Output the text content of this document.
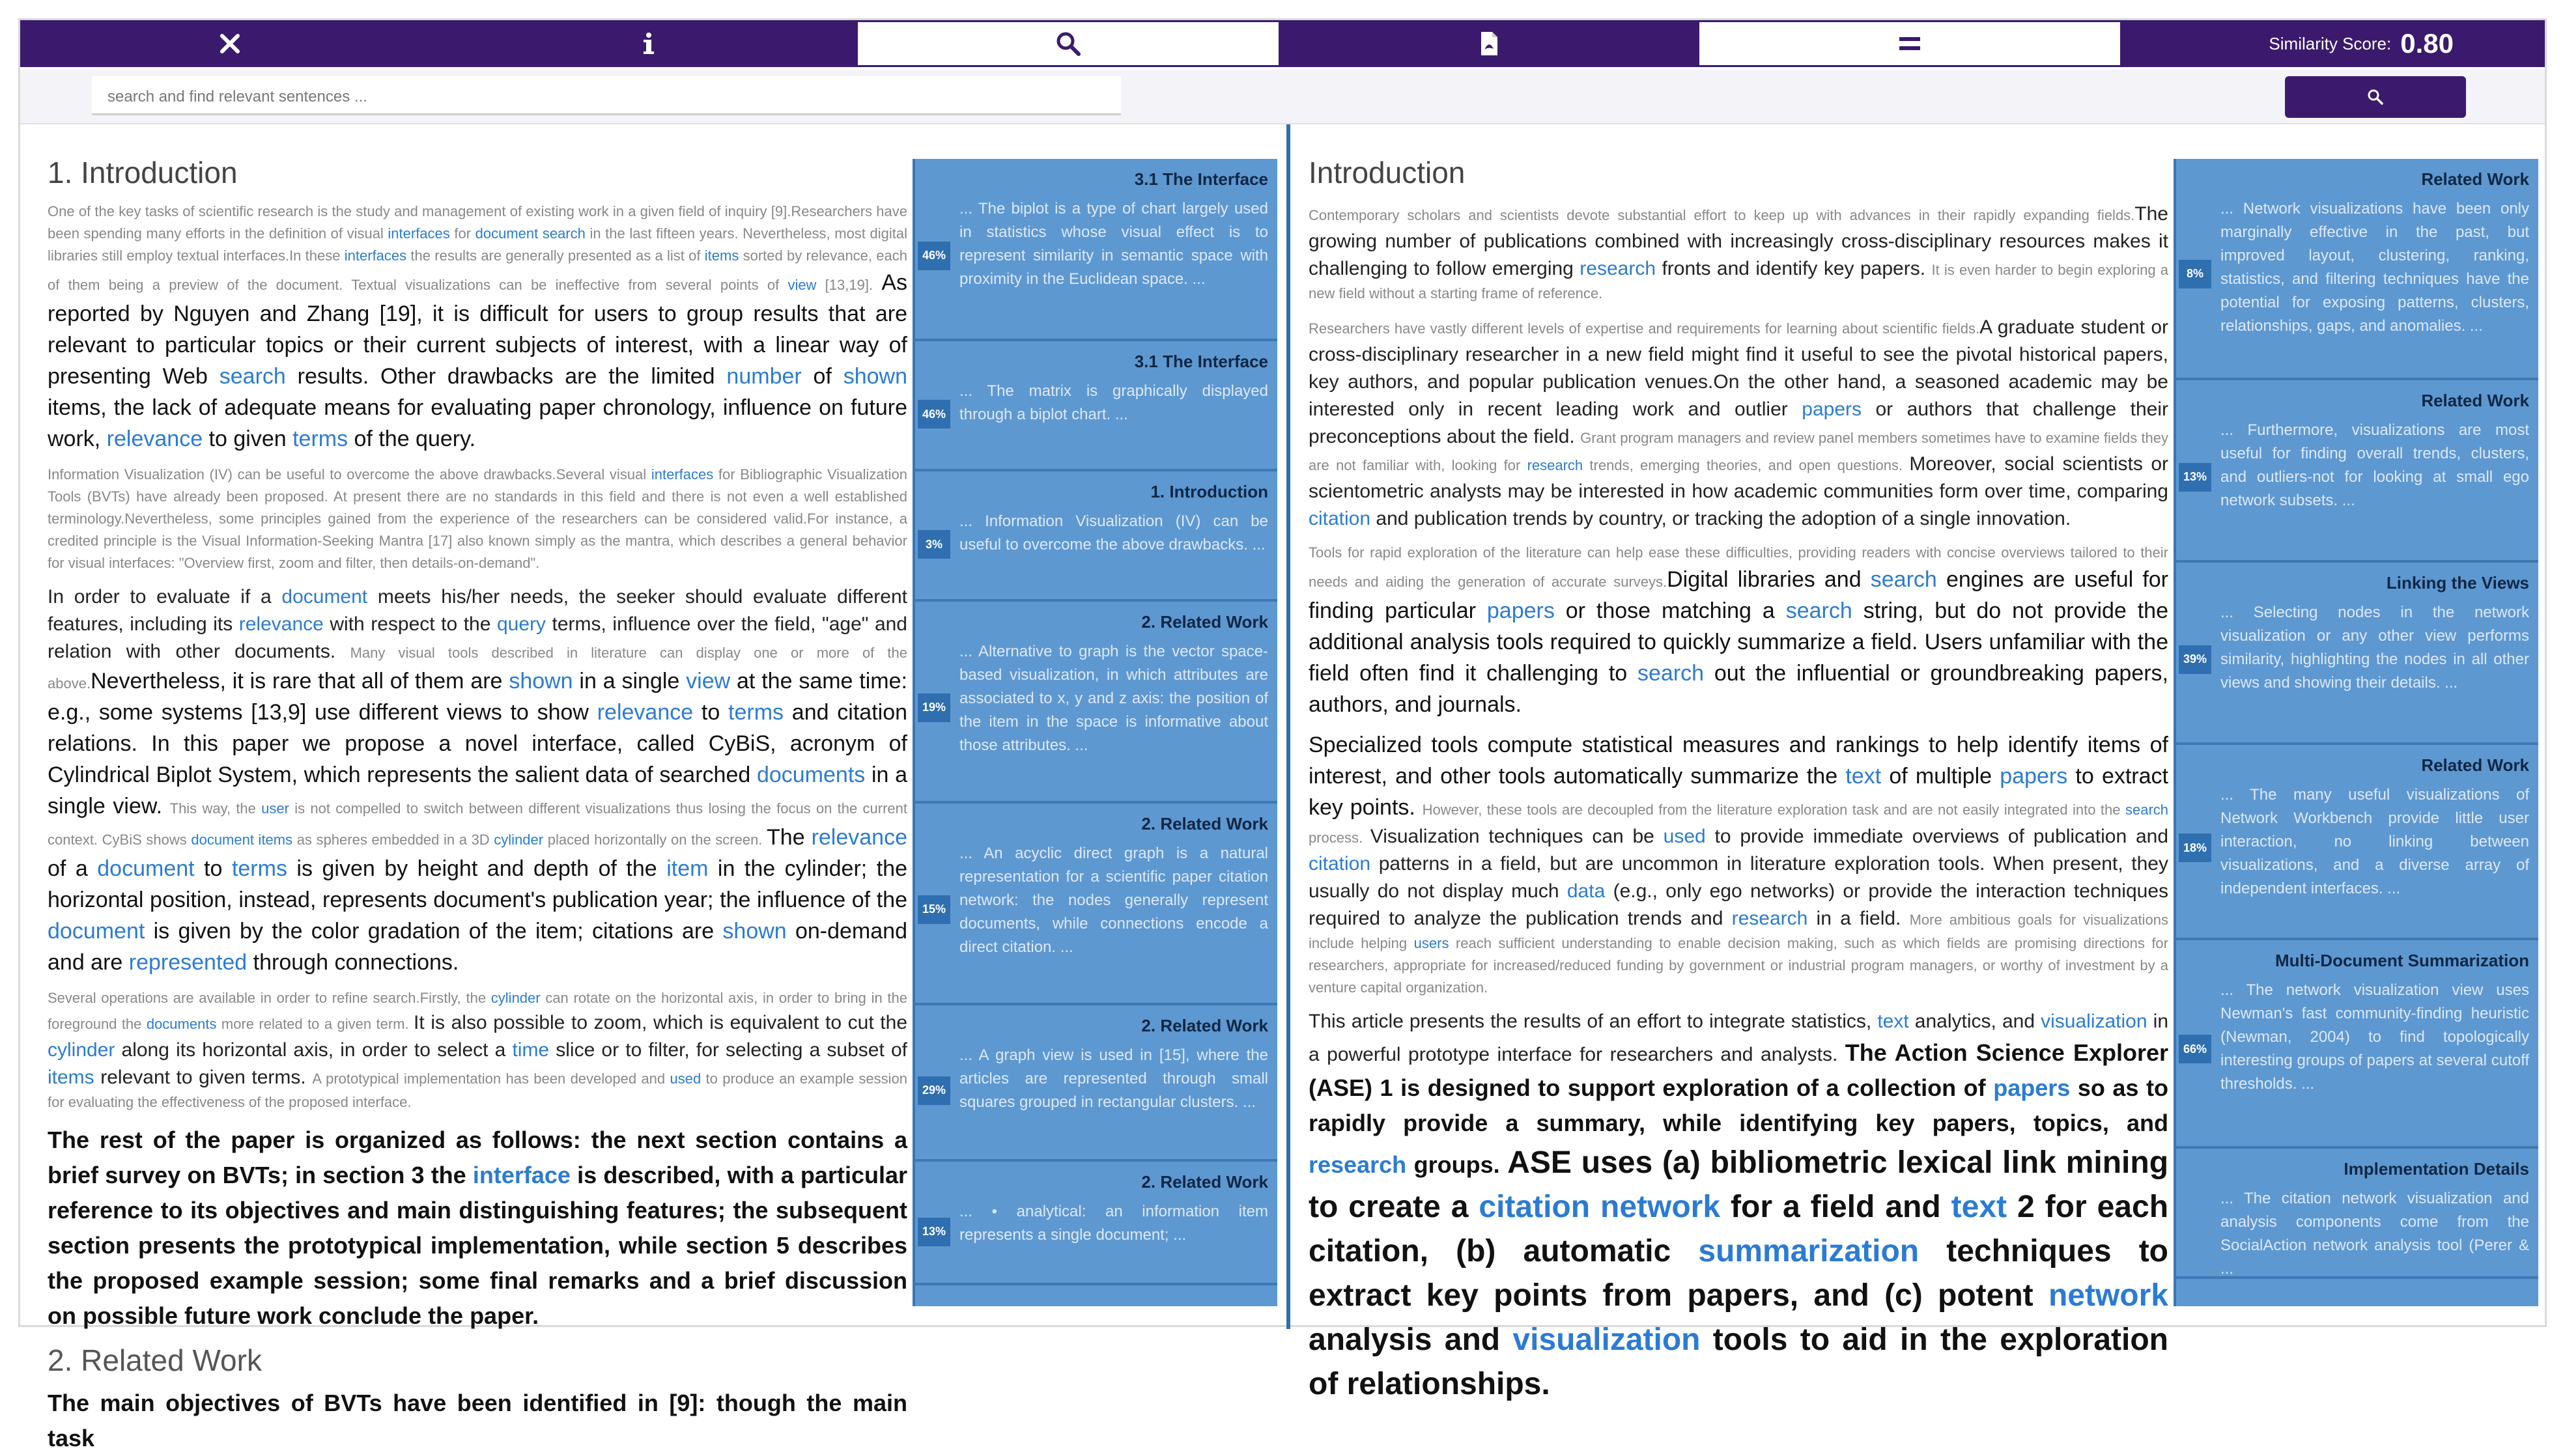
Similarity Score: 0.80
search and find relevant sentences ...
1. Introduction

One of the key tasks of scientific research is the study and management of existing work in a given field of inquiry [9].Researchers have been spending many efforts in the definition of visual interfaces for document search in the last fifteen years. Nevertheless, most digital libraries still employ textual interfaces.In these interfaces the results are generally presented as a list of items sorted by relevance, each of them being a preview of the document. Textual visualizations can be ineffective from several points of view [13,19]. As reported by Nguyen and Zhang [19], it is difficult for users to group results that are relevant to particular topics or their current subjects of interest, with a linear way of presenting Web search results. Other drawbacks are the limited number of shown items, the lack of adequate means for evaluating paper chronology, influence on future work, relevance to given terms of the query.

Information Visualization (IV) can be useful to overcome the above drawbacks.Several visual interfaces for Bibliographic Visualization Tools (BVTs) have already been proposed. At present there are no standards in this field and there is not even a well established terminology.Nevertheless, some principles gained from the experience of the researchers can be considered valid.For instance, a credited principle is the Visual Information-Seeking Mantra [17] also known simply as the mantra, which describes a general behavior for visual interfaces: "Overview first, zoom and filter, then details-on-demand".

In order to evaluate if a document meets his/her needs, the seeker should evaluate different features, including its relevance with respect to the query terms, influence over the field, "age" and relation with other documents. Many visual tools described in literature can display one or more of the above.Nevertheless, it is rare that all of them are shown in a single view at the same time: e.g., some systems [13,9] use different views to show relevance to terms and citation relations. In this paper we propose a novel interface, called CyBiS, acronym of Cylindrical Biplot System, which represents the salient data of searched documents in a single view. This way, the user is not compelled to switch between different visualizations thus losing the focus on the current context. CyBiS shows document items as spheres embedded in a 3D cylinder placed horizontally on the screen. The relevance of a document to terms is given by height and depth of the item in the cylinder; the horizontal position, instead, represents document's publication year; the influence of the document is given by the color gradation of the item; citations are shown on-demand and are represented through connections.

Several operations are available in order to refine search.Firstly, the cylinder can rotate on the horizontal axis, in order to bring in the foreground the documents more related to a given term. It is also possible to zoom, which is equivalent to cut the cylinder along its horizontal axis, in order to select a time slice or to filter, for selecting a subset of items relevant to given terms. A prototypical implementation has been developed and used to produce an example session for evaluating the effectiveness of the proposed interface.

The rest of the paper is organized as follows: the next section contains a brief survey on BVTs; in section 3 the interface is described, with a particular reference to its objectives and main distinguishing features; the subsequent section presents the prototypical implementation, while section 5 describes the proposed example session; some final remarks and a brief discussion on possible future work conclude the paper.

2. Related Work

The main objectives of BVTs have been identified in [9]: though the main task

46%
3.1 The Interface
... The biplot is a type of chart largely used in statistics whose visual effect is to represent similarity in semantic space with proximity in the Euclidean space. ...
46%
3.1 The Interface
... The matrix is graphically displayed through a biplot chart. ...
3%
1. Introduction
... Information Visualization (IV) can be useful to overcome the above drawbacks. ...
19%
2. Related Work
... Alternative to graph is the vector space-based visualization, in which attributes are associated to x, y and z axis: the position of the item in the space is informative about those attributes. ...
15%
2. Related Work
... An acyclic direct graph is a natural representation for a scientific paper citation network: the nodes generally represent documents, while connections encode a direct citation. ...
29%
2. Related Work
... A graph view is used in [15], where the articles are represented through small squares grouped in rectangular clusters. ...
13%
2. Related Work
... • analytical: an information item represents a single document; ...
Introduction

Contemporary scholars and scientists devote substantial effort to keep up with advances in their rapidly expanding fields.The growing number of publications combined with increasingly cross-disciplinary resources makes it challenging to follow emerging research fronts and identify key papers. It is even harder to begin exploring a new field without a starting frame of reference.

Researchers have vastly different levels of expertise and requirements for learning about scientific fields.A graduate student or cross-disciplinary researcher in a new field might find it useful to see the pivotal historical papers, key authors, and popular publication venues.On the other hand, a seasoned academic may be interested only in recent leading work and outlier papers or authors that challenge their preconceptions about the field. Grant program managers and review panel members sometimes have to examine fields they are not familiar with, looking for research trends, emerging theories, and open questions. Moreover, social scientists or scientometric analysts may be interested in how academic communities form over time, comparing citation and publication trends by country, or tracking the adoption of a single innovation.

Tools for rapid exploration of the literature can help ease these difficulties, providing readers with concise overviews tailored to their needs and aiding the generation of accurate surveys.Digital libraries and search engines are useful for finding particular papers or those matching a search string, but do not provide the additional analysis tools required to quickly summarize a field. Users unfamiliar with the field often find it challenging to search out the influential or groundbreaking papers, authors, and journals.

Specialized tools compute statistical measures and rankings to help identify items of interest, and other tools automatically summarize the text of multiple papers to extract key points. However, these tools are decoupled from the literature exploration task and are not easily integrated into the search process. Visualization techniques can be used to provide immediate overviews of publication and citation patterns in a field, but are uncommon in literature exploration tools. When present, they usually do not display much data (e.g., only ego networks) or provide the interaction techniques required to analyze the publication trends and research in a field. More ambitious goals for visualizations include helping users reach sufficient understanding to enable decision making, such as which fields are promising directions for researchers, appropriate for increased/reduced funding by government or industrial program managers, or worthy of investment by a venture capital organization.

This article presents the results of an effort to integrate statistics, text analytics, and visualization in a powerful prototype interface for researchers and analysts. The Action Science Explorer (ASE) 1 is designed to support exploration of a collection of papers so as to rapidly provide a summary, while identifying key papers, topics, and research groups. ASE uses (a) bibliometric lexical link mining to create a citation network for a field and text 2 for each citation, (b) automatic summarization techniques to extract key points from papers, and (c) potent network analysis and visualization tools to aid in the exploration of relationships.

8%
Related Work
... Network visualizations have been only marginally effective in the past, but improved layout, clustering, ranking, statistics, and filtering techniques have the potential for exposing patterns, clusters, relationships, gaps, and anomalies. ...
13%
Related Work
... Furthermore, visualizations are most useful for finding overall trends, clusters, and outliers-not for looking at small ego network subsets. ...
39%
Linking the Views
... Selecting nodes in the network visualization or any other view performs similarity, highlighting the nodes in all other views and showing their details. ...
18%
Related Work
... The many useful visualizations of Network Workbench provide little user interaction, no linking between visualizations, and a diverse array of independent interfaces. ...
66%
Multi-Document Summarization
... The network visualization view uses Newman's fast community-finding heuristic (Newman, 2004) to find topologically interesting groups of papers at several cutoff thresholds. ...
Implementation Details
... The citation network visualization and analysis components come from the SocialAction network analysis tool (Perer & ...
